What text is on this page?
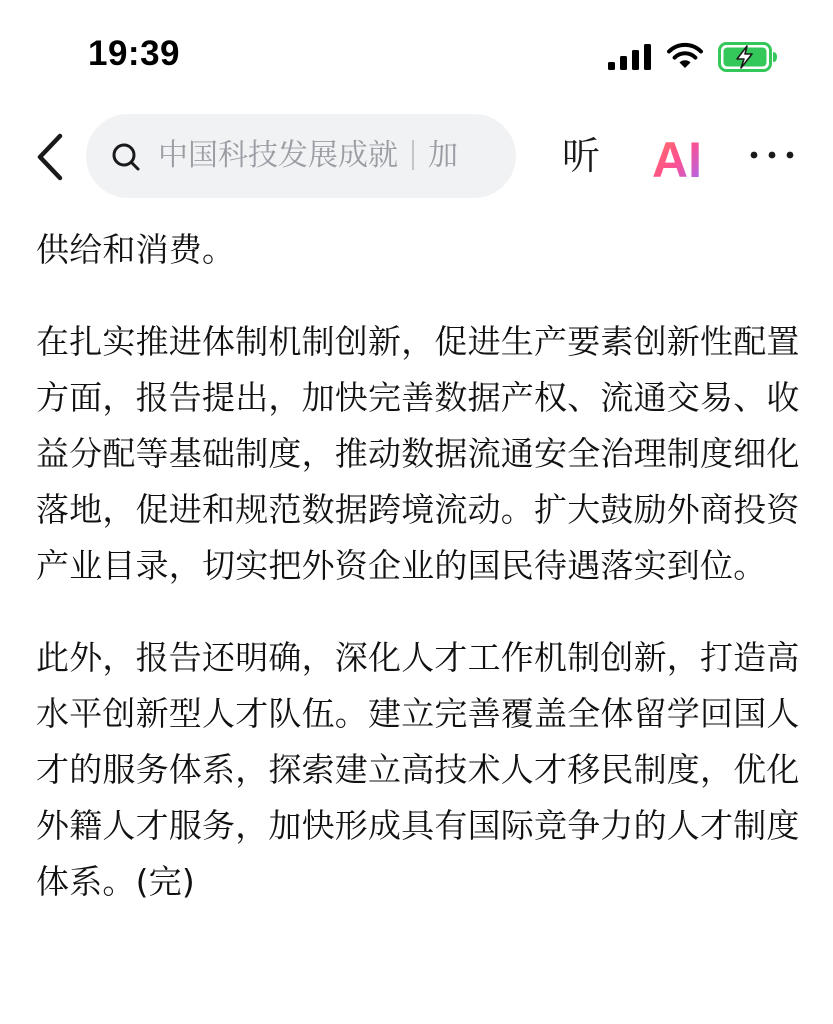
19:39
中国科技发展成就 加	听 AI

供给和消费。

在扎实推进体制机制创新，促进生产要素创新性配置方面，报告提出，加快完善数据产权、流通交易、收益分配等基础制度，推动数据流通安全治理制度细化落地，促进和规范数据跨境流动。扩大鼓励外商投资产业目录，切实把外资企业的国民待遇落实到位。

此外，报告还明确，深化人才工作机制创新，打造高水平创新型人才队伍。建立完善覆盖全体留学回国人才的服务体系，探索建立高技术人才移民制度，优化外籍人才服务，加快形成具有国际竞争力的人才制度体系。(完)
